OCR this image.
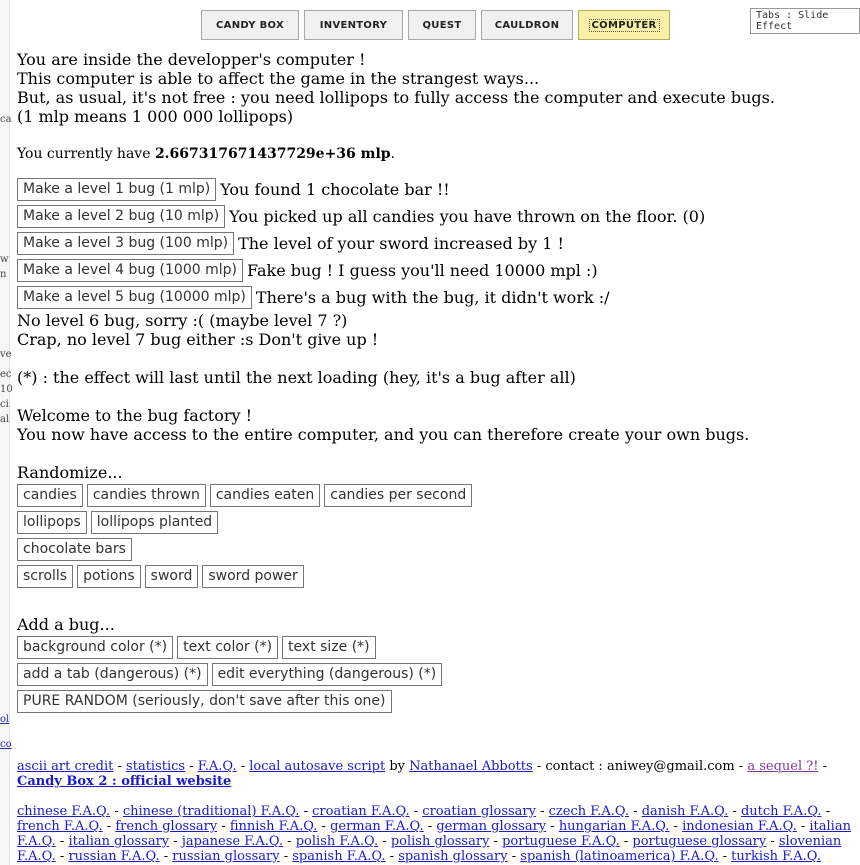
ca
w
n
ve
ec
10
ci
al
ol
co
CANDY BOX	INVENTORY	QUEST	CAULDRON	COMPUTER
Tabs : Slide Effect
You are inside the developper's computer !
This computer is able to affect the game in the strangest ways...
But, as usual, it's not free : you need lollipops to fully access the computer and execute bugs.
(1 mlp means 1 000 000 lollipops)
You currently have 2.667317671437729e+36 mlp.
Make a level 1 bug (1 mlp) You found 1 chocolate bar !!
Make a level 2 bug (10 mlp) You picked up all candies you have thrown on the floor. (0)
Make a level 3 bug (100 mlp) The level of your sword increased by 1 !
Make a level 4 bug (1000 mlp) Fake bug ! I guess you'll need 10000 mpl :)
Make a level 5 bug (10000 mlp) There's a bug with the bug, it didn't work :/
No level 6 bug, sorry :( (maybe level 7 ?)
Crap, no level 7 bug either :s Don't give up !
(*) : the effect will last until the next loading (hey, it's a bug after all)
Welcome to the bug factory !
You now have access to the entire computer, and you can therefore create your own bugs.
Randomize...
candies	candies thrown	candies eaten	candies per second
lollipops	lollipops planted
chocolate bars
scrolls	potions	sword	sword power
Add a bug...
background color (*)	text color (*)	text size (*)
add a tab (dangerous) (*)	edit everything (dangerous) (*)
PURE RANDOM (seriously, don't save after this one)
ascii art credit - statistics - F.A.Q. - local autosave script by Nathanael Abbotts - contact : aniwey@gmail.com - a sequel ?! - Candy Box 2 : official website
chinese F.A.Q. - chinese (traditional) F.A.Q. - croatian F.A.Q. - croatian glossary - czech F.A.Q. - danish F.A.Q. - dutch F.A.Q. - french F.A.Q. - french glossary - finnish F.A.Q. - german F.A.Q. - german glossary - hungarian F.A.Q. - indonesian F.A.Q. - italian F.A.Q. - italian glossary - japanese F.A.Q. - polish F.A.Q. - polish glossary - portuguese F.A.Q. - portuguese glossary - slovenian F.A.Q. - russian F.A.Q. - russian glossary - spanish F.A.Q. - spanish glossary - spanish (latinoamerica) F.A.Q. - turkish F.A.Q.
